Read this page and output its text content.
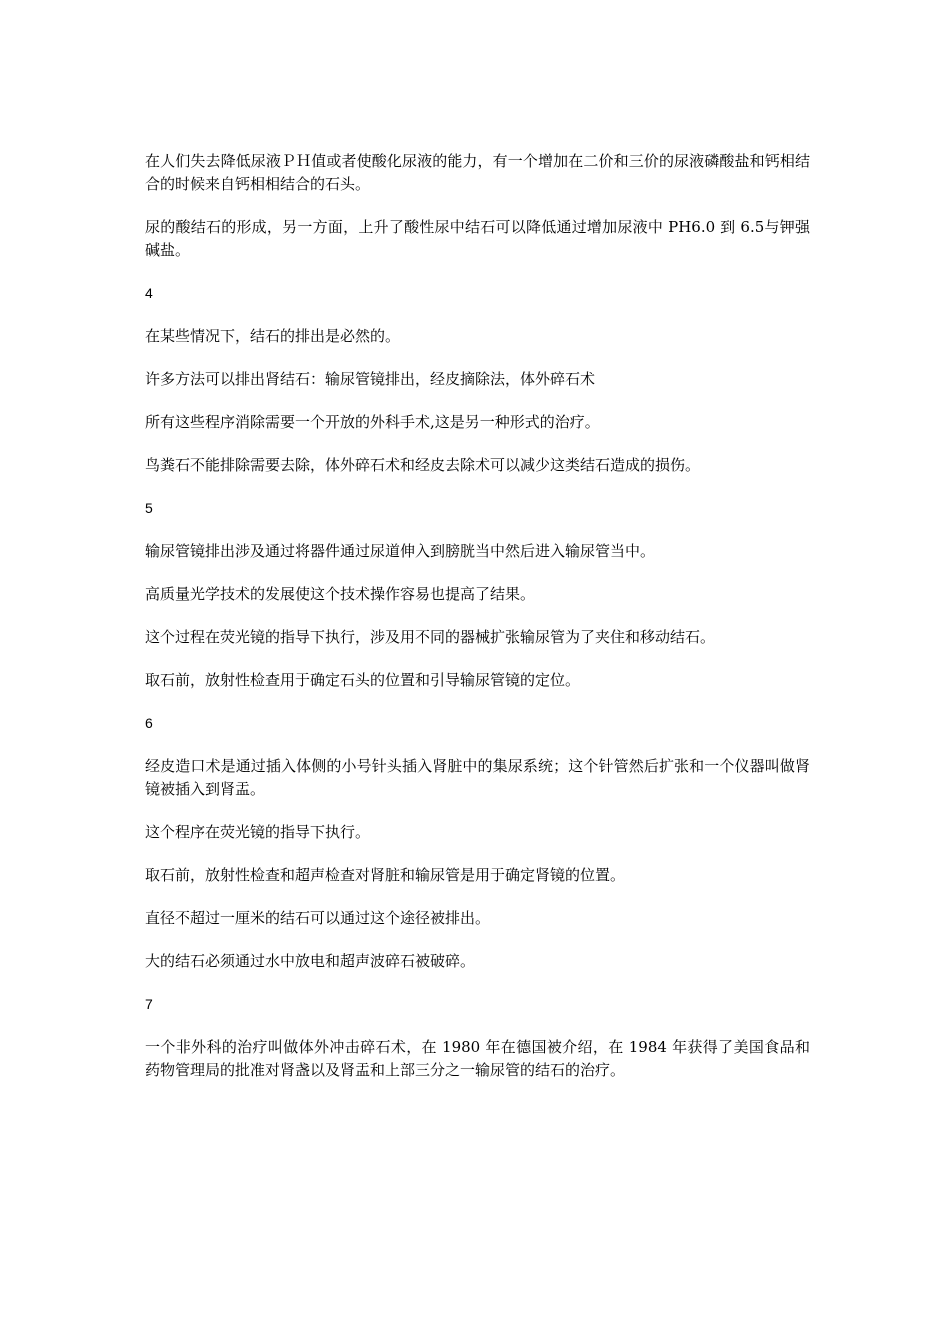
在人们失去降低尿液ＰＨ值或者使酸化尿液的能力，有一个增加在二价和三价的尿液磷酸盐和钙相结合的时候来自钙相相结合的石头。

尿的酸结石的形成，另一方面，上升了酸性尿中结石可以降低通过增加尿液中 PH6.0 到 6.5与钾强碱盐。

4

在某些情况下，结石的排出是必然的。

许多方法可以排出肾结石：输尿管镜排出，经皮摘除法，体外碎石术

所有这些程序消除需要一个开放的外科手术,这是另一种形式的治疗。

鸟粪石不能排除需要去除，体外碎石术和经皮去除术可以减少这类结石造成的损伤。

5

输尿管镜排出涉及通过将器件通过尿道伸入到膀胱当中然后进入输尿管当中。

高质量光学技术的发展使这个技术操作容易也提高了结果。

这个过程在荧光镜的指导下执行，涉及用不同的器械扩张输尿管为了夹住和移动结石。

取石前，放射性检查用于确定石头的位置和引导输尿管镜的定位。

6

经皮造口术是通过插入体侧的小号针头插入肾脏中的集尿系统；这个针管然后扩张和一个仪器叫做肾镜被插入到肾盂。

这个程序在荧光镜的指导下执行。

取石前，放射性检查和超声检查对肾脏和输尿管是用于确定肾镜的位置。

直径不超过一厘米的结石可以通过这个途径被排出。

大的结石必须通过水中放电和超声波碎石被破碎。

7

一个非外科的治疗叫做体外冲击碎石术，在 1980 年在德国被介绍，在 1984 年获得了美国食品和药物管理局的批准对肾盏以及肾盂和上部三分之一输尿管的结石的治疗。
